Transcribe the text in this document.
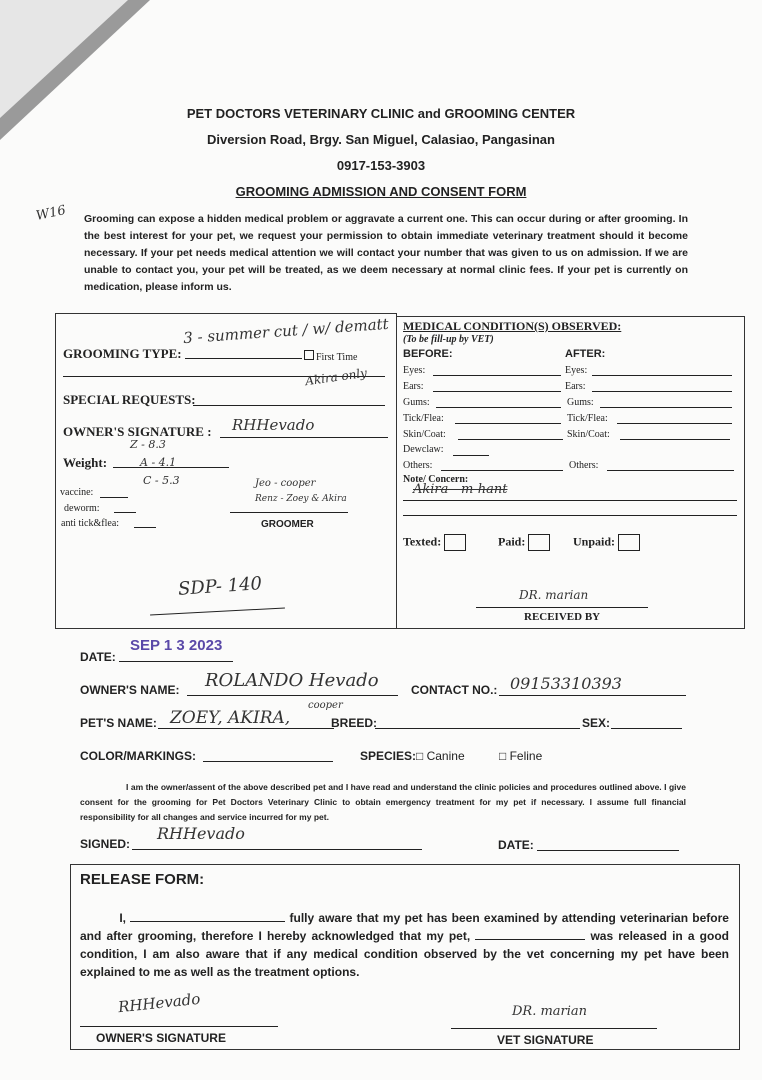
PET DOCTORS VETERINARY CLINIC and GROOMING CENTER
Diversion Road, Brgy. San Miguel, Calasiao, Pangasinan
0917-153-3903
GROOMING ADMISSION AND CONSENT FORM
W16 Grooming can expose a hidden medical problem or aggravate a current one. This can occur during or after grooming. In the best interest for your pet, we request your permission to obtain immediate veterinary treatment should it become necessary. If your pet needs medical attention we will contact your number that was given to us on admission. If we are unable to contact you, your pet will be treated, as we deem necessary at normal clinic fees. If your pet is currently on medication, please inform us.
3 - summer cut / w/ dematt
GROOMING TYPE:	First Time
Akira only
SPECIAL REQUESTS:
OWNER'S SIGNATURE : RHHevado
Z - 8.3
Weight:	A - 4.1
C - 5.3	Jeo - cooper
Renz - Zoey & Akira
GROOMER
vaccine:
deworm:
anti tick&flea:
SDP- 140
MEDICAL CONDITION(S) OBSERVED:
(To be fill-up by VET)
BEFORE:	AFTER:
Eyes:	Eyes:
Ears:	Ears:
Gums:	Gums:
Tick/Flea:	Tick/Flea:
Skin/Coat:	Skin/Coat:
Dewclaw:
Others:	Others:
Note/ Concern:
Akira - m-hant
Texted:	Paid:	Unpaid:
DR. marian
RECEIVED BY
SEP 1 3 2023
DATE:
ROLANDO Hevado
OWNER'S NAME:	CONTACT NO.: 09153310393
cooper
ZOEY, AKIRA,
PET'S NAME:	BREED:	SEX:
COLOR/MARKINGS:	SPECIES: □ Canine	□ Feline
I am the owner/assent of the above described pet and I have read and understand the clinic policies and procedures outlined above. I give consent for the grooming for Pet Doctors Veterinary Clinic to obtain emergency treatment for my pet if necessary. I assume full financial responsibility for all changes and service incurred for my pet.
RHHevado
SIGNED:	DATE:
RELEASE FORM:
I,	fully aware that my pet has been examined by attending veterinarian before and after grooming, therefore I hereby acknowledged that my pet,	was released in a good condition, I am also aware that if any medical condition observed by the vet concerning my pet have been explained to me as well as the treatment options.
RHHevado
OWNER'S SIGNATURE
DR. marian
VET SIGNATURE
